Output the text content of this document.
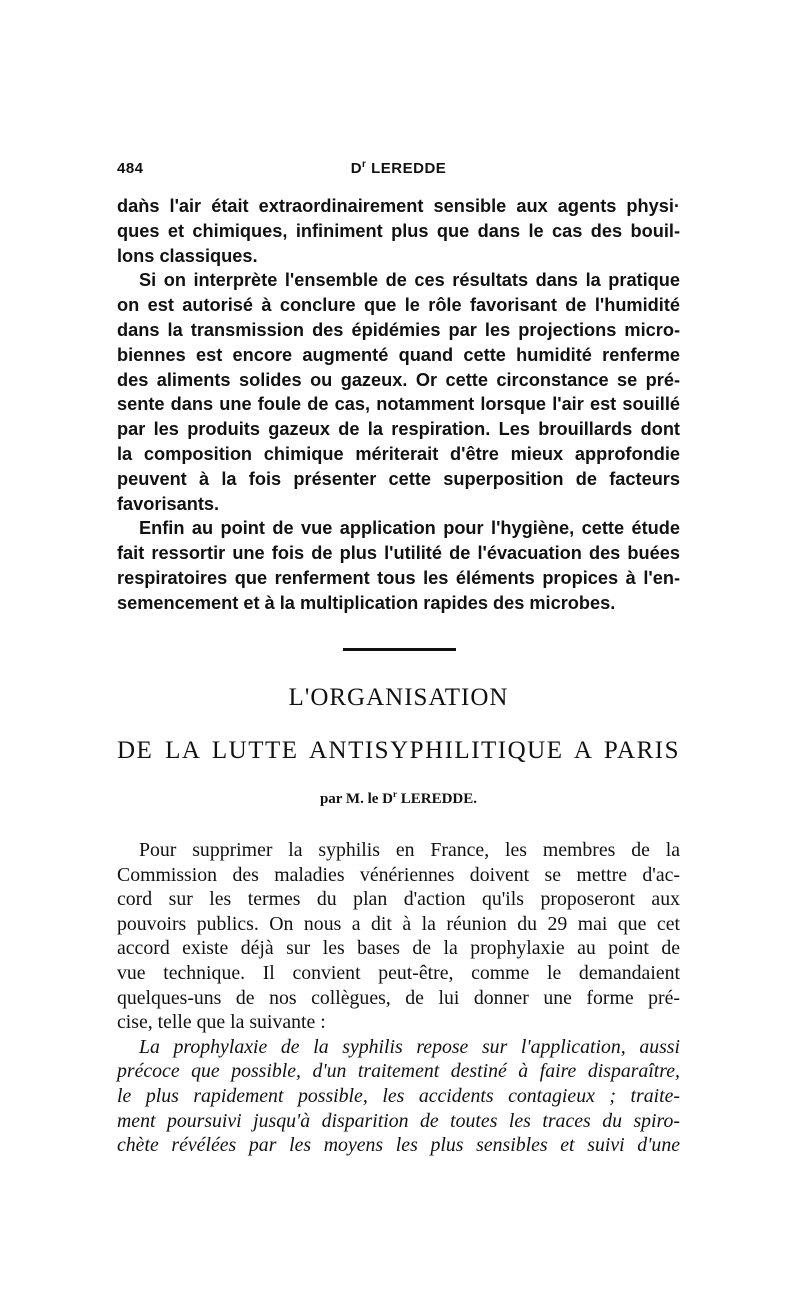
484	$D^r$ LEREDDE
daǹs l'air était extraordinairement sensible aux agents physi·
ques et chimiques, infiniment plus que dans le cas des bouil-
lons classiques.
Si on interprète l'ensemble de ces résultats dans la pratique
on est autorisé à conclure que le rôle favorisant de l'humidité
dans la transmission des épidémies par les projections micro-
biennes est encore augmenté quand cette humidité renferme
des aliments solides ou gazeux. Or cette circonstance se pré-
sente dans une foule de cas, notamment lorsque l'air est souillé
par les produits gazeux de la respiration. Les brouillards dont
la composition chimique mériterait d'être mieux approfondie
peuvent à la fois présenter cette superposition de facteurs
favorisants.
Enfin au point de vue application pour l'hygiène, cette étude
fait ressortir une fois de plus l'utilité de l'évacuation des buées
respiratoires que renferment tous les éléments propices à l'en-
semencement et à la multiplication rapides des microbes.
L'ORGANISATION
DE LA LUTTE ANTISYPHILITIQUE A PARIS
par M. le $D^r$ LEREDDE.
Pour supprimer la syphilis en France, les membres de la
Commission des maladies vénériennes doivent se mettre d'ac-
cord sur les termes du plan d'action qu'ils proposeront aux
pouvoirs publics. On nous a dit à la réunion du 29 mai que cet
accord existe déjà sur les bases de la prophylaxie au point de
vue technique. Il convient peut-être, comme le demandaient
quelques-uns de nos collègues, de lui donner une forme pré-
cise, telle que la suivante :
La prophylaxie de la syphilis repose sur l'application, aussi
précoce que possible, d'un traitement destiné à faire disparaître,
le plus rapidement possible, les accidents contagieux ; traite-
ment poursuivi jusqu'à disparition de toutes les traces du spiro-
chète révélées par les moyens les plus sensibles et suivi d'une
